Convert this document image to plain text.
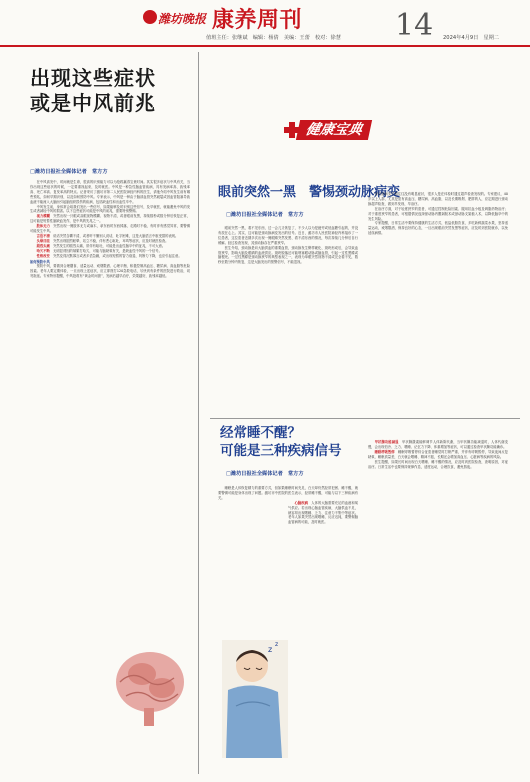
潍坊晚报 康养周刊
值班主任：张继斌　编辑：杨倩　美编：王蕾　校对：徐慧 14 2024年4月9日　星期二
出现这些症状
或是中风前兆
□潍坊日报社全媒体记者　常方方

在中风高发中，时间就是生命，很高的识别能力可以为抢救赢得宝贵时间。其实很多症状与中风有关，当你出现这些症状的时候，一定要重视起来，及时就医。中风是一种急性脑血管疾病，具有发病率高、致残率高、死亡率高、复发率高的特点。记者采访了潍坊市第二人民医院神经内科的医生，请他介绍中风发生前有哪些预兆，如何早期识别，以及如何预防中风。专家表示，中风是一种由于脑部血管突然破裂或因血管阻塞导致血液不能流入大脑而引起脑组织损伤的疾病，包括缺血性和出血性卒中。

中风发生前，身体常会给我们发出一些信号，如果能够及时识别这些信号，及早就医，就能避免中风的发生或者减轻中风的损害。以下这些症状可能是中风的前兆，需要特别警惕。

视力模糊　 突然出现一只眼或双眼视物模糊、视物不清，或者眼前发黑，持续数秒或数分钟后恢复正常，这可能是短暂性脑缺血发作，是中风的先兆之一。

肢体无力　 突然出现一侧肢体无力或麻木，拿东西时东西掉落，走路时不稳，有时伴有感觉异常，要警惕可能发生中风。

言语不清　 说话突然含糊不清，或者听不懂别人说话，吐字困难，这是大脑语言中枢受损的表现。

头晕目眩　 突然出现剧烈眩晕，站立不稳，伴有恶心呕吐，耳鸣等症状，应及时就医检查。

剧烈头痛　 突然发生的剧烈头痛，常伴有呕吐，可能是出血性脑卒中的征兆，不可大意。

哈欠不断　 无明显诱因的频繁打哈欠，可能与脑缺氧有关，是缺血性中风的一个信号。

性格改变　 突然变得沉默寡言或者多语急躁，或出现短暂的智力衰退、判断力下降，也应引起注意。

如何预防中风

预防中风，要做到合理膳食、适量运动、戒烟限酒、心理平衡，积极控制高血压、糖尿病、高血脂等危险因素。老年人要定期体检，一旦出现上述症状，应立即拨打120急救电话，尽快到有条件的医院进行救治，切勿拖延。专家特别提醒，中风抢救有“黄金时间窗”，发病后越早治疗，效果越好，致残率越低。

健康宝典
眼前突然一黑　警惕颈动脉病变
□潍坊日报社全媒体记者　常方方

眼前突然一黑，看不见东西，过一会儿又恢复了，不少人以为是疲劳或低血糖引起的，并没有放在心上。其实，这可能是颈动脉病变发出的信号。近日，潍坊市人民医院神经内科接诊了一位患者，这位患者近期多次出现一侧眼睛突然发黑、看不清东西的情况，每次持续几分钟后自行缓解。经过检查发现，其颈动脉存在严重狭窄。

医生介绍，颈动脉是向大脑供血的重要血管，颈动脉发生粥样硬化、斑块形成后，会导致血管狭窄，影响大脑及眼睛的血液供应。斑块脱落还可能堵塞眼动脉或脑血管，引起一过性黑矇或脑梗死。一过性黑矇是颈动脉狭窄的典型表现之一，表现为单眼突然视物不清或完全看不见，数秒至数分钟内恢复，这是大脑发出的预警信号，不能忽视。

颈动脉病变早期往往没有明显症状，很多人是在体检时通过超声检查发现的。专家建议，40岁以上人群，尤其是患有高血压、糖尿病、高血脂，以及长期吸烟、肥胖的人，应定期进行颈动脉超声检查，做到早发现、早治疗。

在治疗方面，对于轻度狭窄的患者，可通过控制危险因素、服用抗血小板及调脂药物治疗；对于重度狭窄的患者，可根据情况选择颈动脉内膜剥脱术或颈动脉支架植入术，以降低脑卒中的发生风险。

专家提醒，日常生活中要保持健康的生活方式，低盐低脂饮食，多吃新鲜蔬菜水果，坚持适量运动，戒烟限酒，保持良好的心态，一旦出现眼前突然发黑等症状，应及时到医院就诊，以免延误病情。

经常睡不醒？
可能是三种疾病信号
□潍坊日报社全媒体记者　常方方

睡眠是人体恢复精力的重要方式，但如果睡眠时间充足，白天却仍然经常犯困、睡不醒，就要警惕可能是身体出现了问题。潍坊市中医院的医生表示，经常睡不醒，可能与以下三种疾病有关。

心脑疾病　 人体的大脑需要充足的血液和氧气供应。若出现心脑血管疾病，大脑供血不足，就容易出现嗜睡、乏力、注意力不集中等症状。老年人如果突然出现嗜睡、反应迟钝，要警惕脑血管病的可能，及时就医。

甲状腺功能减退　 甲状腺激素能够调节人体新陈代谢，当甲状腺功能减退时，人体代谢变慢，会出现怕冷、乏力、嗜睡、记忆力下降、体重增加等症状，可以通过检查甲状腺功能确诊。

睡眠呼吸暂停　 睡眠呼吸暂停综合征患者睡觉时打鼾严重，并伴有呼吸暂停，导致夜间反复缺氧、睡眠质量差，白天就会嗜睡、精神不振，长期还会增加高血压、心脏病等疾病的风险。

医生提醒，如果长时间出现白天嗜睡、睡不醒的情况，应及时到医院检查，查明原因，对症治疗。日常生活中也要保持规律作息，适度运动，合理饮食，避免熬夜。

z
z
